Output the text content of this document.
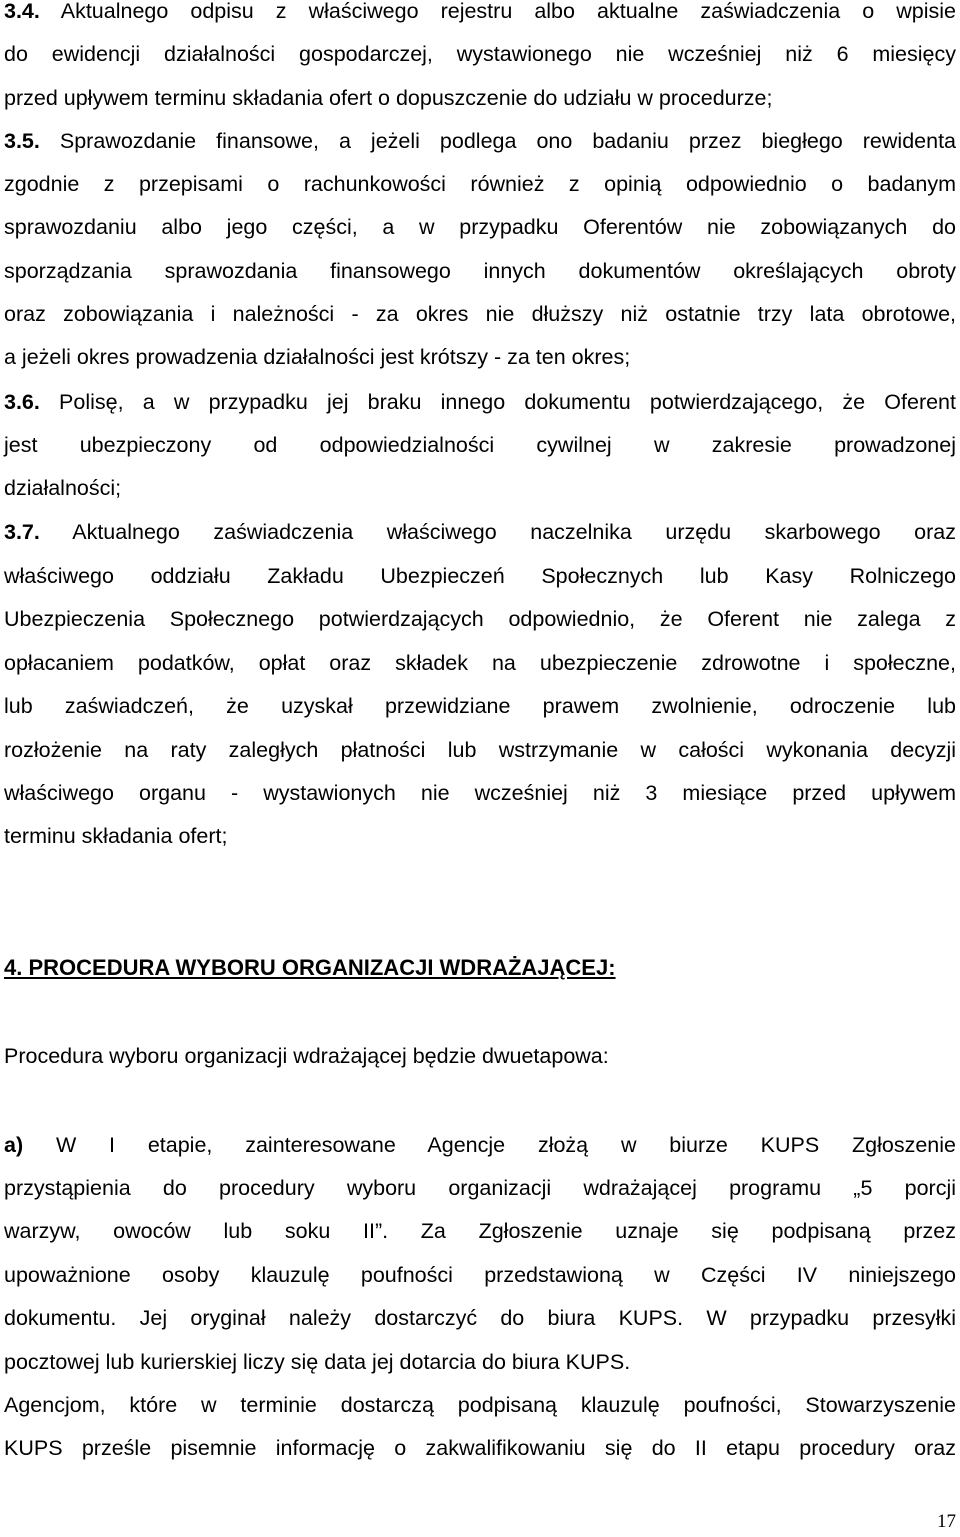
3.4. Aktualnego odpisu z właściwego rejestru albo aktualne zaświadczenia o wpisie
do ewidencji działalności gospodarczej, wystawionego nie wcześniej niż 6 miesięcy
przed upływem terminu składania ofert o dopuszczenie do udziału w procedurze;
3.5. Sprawozdanie finansowe, a jeżeli podlega ono badaniu przez biegłego rewidenta
zgodnie z przepisami o rachunkowości również z opinią odpowiednio o badanym
sprawozdaniu albo jego części, a w przypadku Oferentów nie zobowiązanych do
sporządzania sprawozdania finansowego innych dokumentów określających obroty
oraz zobowiązania i należności - za okres nie dłuższy niż ostatnie trzy lata obrotowe,
a jeżeli okres prowadzenia działalności jest krótszy - za ten okres;
3.6. Polisę, a w przypadku jej braku innego dokumentu potwierdzającego, że Oferent
jest ubezpieczony od odpowiedzialności cywilnej w zakresie prowadzonej
działalności;
3.7. Aktualnego zaświadczenia właściwego naczelnika urzędu skarbowego oraz
właściwego oddziału Zakładu Ubezpieczeń Społecznych lub Kasy Rolniczego
Ubezpieczenia Społecznego potwierdzających odpowiednio, że Oferent nie zalega z
opłacaniem podatków, opłat oraz składek na ubezpieczenie zdrowotne i społeczne,
lub zaświadczeń, że uzyskał przewidziane prawem zwolnienie, odroczenie lub
rozłożenie na raty zaległych płatności lub wstrzymanie w całości wykonania decyzji
właściwego organu - wystawionych nie wcześniej niż 3 miesiące przed upływem
terminu składania ofert;
4. PROCEDURA WYBORU ORGANIZACJI WDRAŻAJĄCEJ:
Procedura wyboru organizacji wdrażającej będzie dwuetapowa:
a) W I etapie, zainteresowane Agencje złożą w biurze KUPS Zgłoszenie
przystąpienia do procedury wyboru organizacji wdrażającej programu „5 porcji
warzyw, owoców lub soku II”. Za Zgłoszenie uznaje się podpisaną przez
upoważnione osoby klauzulę poufności przedstawioną w Części IV niniejszego
dokumentu. Jej oryginał należy dostarczyć do biura KUPS. W przypadku przesyłki
pocztowej lub kurierskiej liczy się data jej dotarcia do biura KUPS.
Agencjom, które w terminie dostarczą podpisaną klauzulę poufności, Stowarzyszenie
KUPS prześle pisemnie informację o zakwalifikowaniu się do II etapu procedury oraz
17
